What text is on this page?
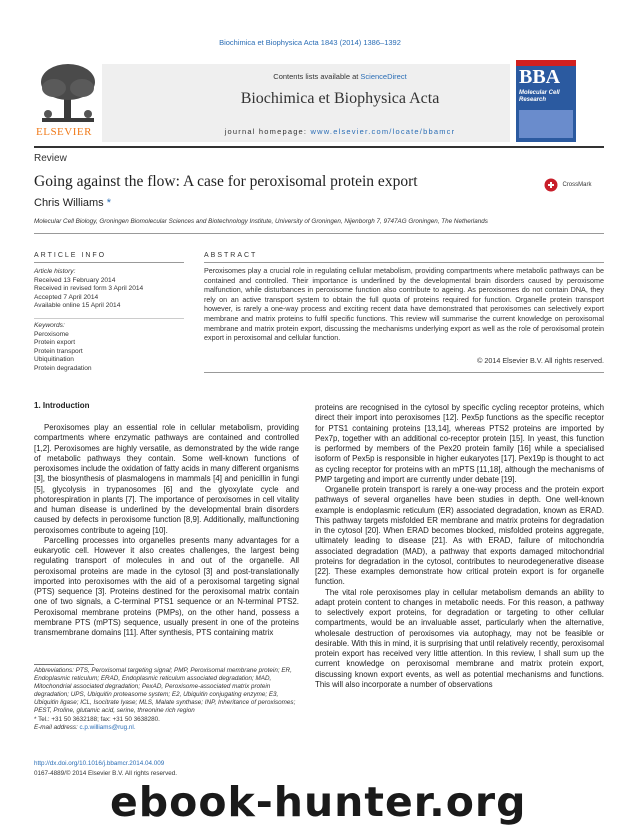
Biochimica et Biophysica Acta 1843 (2014) 1386–1392
ELSEVIER
Contents lists available at ScienceDirect
Biochimica et Biophysica Acta
journal homepage: www.elsevier.com/locate/bbamcr
BBA
Molecular Cell Research
Review
Going against the flow: A case for peroxisomal protein export	CrossMark
Chris Williams *
Molecular Cell Biology, Groningen Biomolecular Sciences and Biotechnology Institute, University of Groningen, Nijenborgh 7, 9747AG Groningen, The Netherlands
ARTICLE INFO
Article history:
Received 13 February 2014
Received in revised form 3 April 2014
Accepted 7 April 2014
Available online 15 April 2014
Keywords:
Peroxisome
Protein export
Protein transport
Ubiquitination
Protein degradation
ABSTRACT
Peroxisomes play a crucial role in regulating cellular metabolism, providing compartments where metabolic pathways can be contained and controlled. Their importance is underlined by the developmental brain disorders caused by peroxisome malfunction, while disturbances in peroxisome function also contribute to ageing. As peroxisomes do not contain DNA, they rely on an active transport system to obtain the full quota of proteins required for function. Organelle protein transport however, is rarely a one-way process and exciting recent data have demonstrated that peroxisomes can selectively export membrane and matrix proteins to fulfil specific functions. This review will summarise the current knowledge on peroxisomal membrane and matrix protein export, discussing the mechanisms underlying export as well as the role of peroxisomal protein export in peroxisomal and cellular function.
© 2014 Elsevier B.V. All rights reserved.
1. Introduction

Peroxisomes play an essential role in cellular metabolism, providing compartments where enzymatic pathways are contained and controlled [1,2]. Peroxisomes are highly versatile, as demonstrated by the wide range of metabolic pathways they contain. Some well-known functions of peroxisomes include the oxidation of fatty acids in many different organisms [3], the biosynthesis of plasmalogens in mammals [4] and penicillin in fungi [5], glycolysis in trypanosomes [6] and the glyoxylate cycle and photorespiration in plants [7]. The importance of peroxisomes in cell vitality and human disease is underlined by the developmental brain disorders caused by defects in peroxisome function [8,9]. Additionally, malfunctioning peroxisomes contribute to ageing [10].

Parcelling processes into organelles presents many advantages for a eukaryotic cell. However it also creates challenges, the largest being regulating transport of molecules in and out of the organelle. All peroxisomal proteins are made in the cytosol [3] and post-translationally imported into peroxisomes with the aid of a peroxisomal targeting signal (PTS) sequence [3]. Proteins destined for the peroxisomal matrix contain one of two signals, a C-terminal PTS1 sequence or an N-terminal PTS2. Peroxisomal membrane proteins (PMPs), on the other hand, possess a membrane PTS (mPTS) sequence, usually present in one of the proteins transmembrane domains [11]. After synthesis, PTS containing matrix

proteins are recognised in the cytosol by specific cycling receptor proteins, which direct their import into peroxisomes [12]. Pex5p functions as the specific receptor for PTS1 containing proteins [13,14], whereas PTS2 proteins are imported by Pex7p, together with an additional co-receptor protein [15]. In yeast, this function is performed by members of the Pex20 protein family [16] while a specialised isoform of Pex5p is responsible in higher eukaryotes [17]. Pex19p is thought to act as cycling receptor for proteins with an mPTS [11,18], although the mechanisms of PMP targeting and import are currently under debate [19].

Organelle protein transport is rarely a one-way process and the protein export pathways of several organelles have been studies in depth. One well-known example is endoplasmic reticulum (ER) associated degradation, known as ERAD. This pathway targets misfolded ER membrane and matrix proteins for degradation in the cytosol [20]. When ERAD becomes blocked, misfolded proteins aggregate, ultimately leading to disease [21]. As with ERAD, failure of mitochondria associated degradation (MAD), a pathway that exports damaged mitochondrial proteins for degradation in the cytosol, contributes to neurodegenerative disease [22]. These examples demonstrate how critical protein export is for organelle function.

The vital role peroxisomes play in cellular metabolism demands an ability to adapt protein content to changes in metabolic needs. For this reason, a pathway to selectively export proteins, for degradation or targeting to other cellular compartments, would be an invaluable asset, particularly when the alternative, wholesale destruction of peroxisomes via autophagy, may not be feasible or desirable. With this in mind, it is surprising that until relatively recently, peroxisomal protein export has received very little attention. In this review, I shall sum up the current knowledge on peroxisomal membrane and matrix protein export, discussing known export events, as well as potential mechanisms and functions. This will also incorporate a number of observations

Abbreviations: PTS, Peroxisomal targeting signal; PMP, Peroxisomal membrane protein; ER, Endoplasmic reticulum; ERAD, Endoplasmic reticulum associated degradation; MAD, Mitochondrial associated degradation; PexAD, Peroxisome-associated matrix protein degradation; UPS, Ubiquitin proteasome system; E2, Ubiquitin conjugating enzyme; E3, Ubiquitin ligase; ICL, Isocitrate lyase; MLS, Malate synthase; INP, Inheritance of peroxisomes; PEST, Proline, glutamic acid, serine, threonine rich region
* Tel.: +31 50 3632188; fax: +31 50 3638280.
E-mail address: c.p.williams@rug.nl.
http://dx.doi.org/10.1016/j.bbamcr.2014.04.009
0167-4889/© 2014 Elsevier B.V. All rights reserved.
ebook-hunter.org
